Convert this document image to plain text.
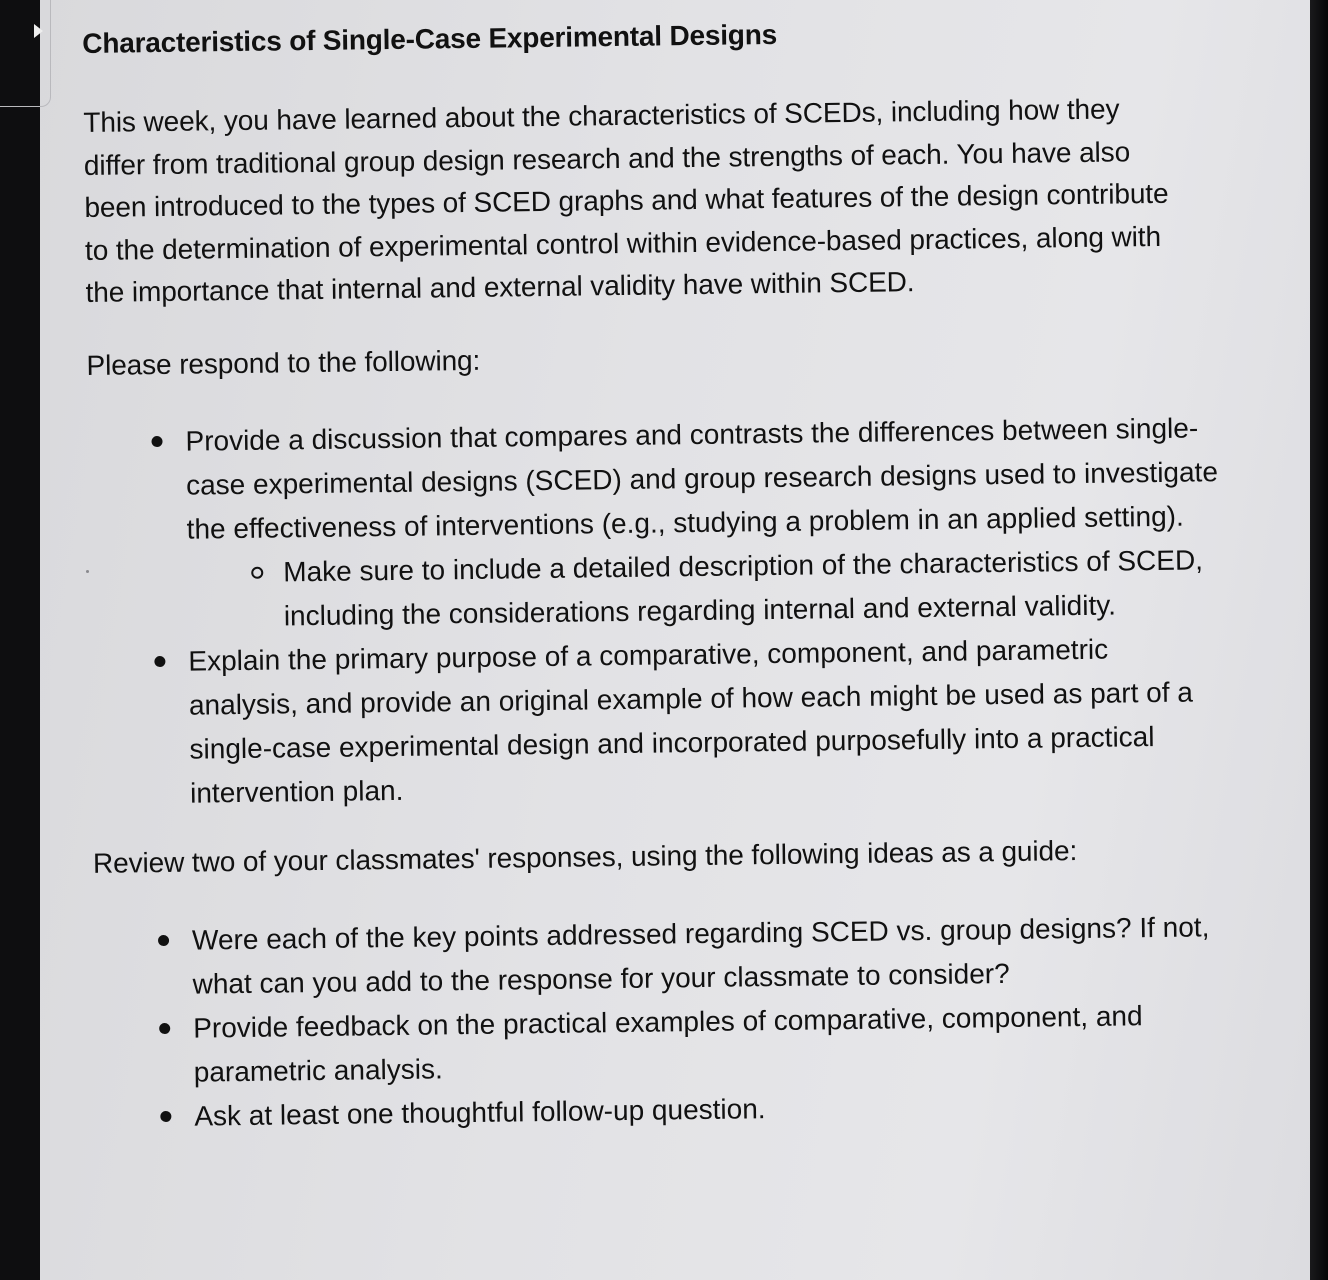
Characteristics of Single-Case Experimental Designs

This week, you have learned about the characteristics of SCEDs, including how they differ from traditional group design research and the strengths of each. You have also been introduced to the types of SCED graphs and what features of the design contribute to the determination of experimental control within evidence-based practices, along with the importance that internal and external validity have within SCED.

Please respond to the following:

Provide a discussion that compares and contrasts the differences between single-case experimental designs (SCED) and group research designs used to investigate the effectiveness of interventions (e.g., studying a problem in an applied setting).
Make sure to include a detailed description of the characteristics of SCED, including the considerations regarding internal and external validity.
Explain the primary purpose of a comparative, component, and parametric analysis, and provide an original example of how each might be used as part of a single-case experimental design and incorporated purposefully into a practical intervention plan.

Review two of your classmates' responses, using the following ideas as a guide:

Were each of the key points addressed regarding SCED vs. group designs? If not, what can you add to the response for your classmate to consider?
Provide feedback on the practical examples of comparative, component, and parametric analysis.
Ask at least one thoughtful follow-up question.
